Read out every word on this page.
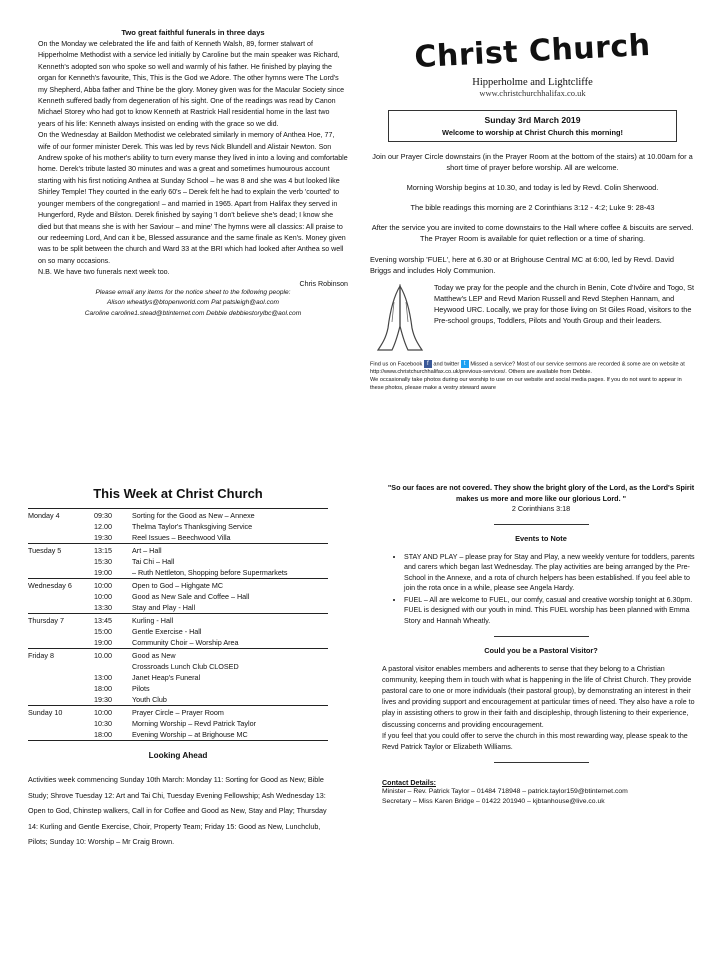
Two great faithful funerals in three days

On the Monday we celebrated the life and faith of Kenneth Walsh, 89, former stalwart of Hipperholme Methodist with a service led initially by Caroline but the main speaker was Richard, Kenneth's adopted son who spoke so well and warmly of his father. He finished by playing the organ for Kenneth's favourite, This, This is the God we Adore. The other hymns were The Lord's my Shepherd, Abba father and Thine be the glory. Money given was for the Macular Society since Kenneth suffered badly from degeneration of his sight. One of the readings was read by Canon Michael Storey who had got to know Kenneth at Rastrick Hall residential home in the last two years of his life: Kenneth always insisted on ending with the grace so we did.

On the Wednesday at Baildon Methodist we celebrated similarly in memory of Anthea Hoe, 77, wife of our former minister Derek. This was led by revs Nick Blundell and Alistair Newton. Son Andrew spoke of his mother's ability to turn every manse they lived in into a loving and comfortable home. Derek's tribute lasted 30 minutes and was a great and sometimes humourous account starting with his first noticing Anthea at Sunday School – he was 8 and she was 4 but looked like Shirley Temple! They courted in the early 60's – Derek felt he had to explain the verb 'courted' to younger members of the congregation! – and married in 1965. Apart from Halifax they served in Hungerford, Ryde and Bilston. Derek finished by saying 'I don't believe she's dead; I know she died but that means she is with her Saviour – and mine' The hymns were all classics: All praise to our redeeming Lord, And can it be, Blessed assurance and the same finale as Ken's. Money given was to be split between the church and Ward 33 at the BRI which had looked after Anthea so well on so many occasions.

N.B. We have two funerals next week too.

Chris Robinson
Please email any items for the notice sheet to the following people:
Alison wheatlys@btopenworld.com Pat patsleigh@aol.com
Caroline caroline1.stead@btinternet.com Debbie debbiestorylbc@aol.com
Christ Church
Hipperholme and Lightcliffe
www.christchurchhalifax.co.uk
Sunday 3rd March 2019
Welcome to worship at Christ Church this morning!

Join our Prayer Circle downstairs (in the Prayer Room at the bottom of the stairs) at 10.00am for a short time of prayer before worship. All are welcome.

Morning Worship begins at 10.30, and today is led by Revd. Colin Sherwood.

The bible readings this morning are 2 Corinthians 3:12 - 4:2; Luke 9: 28-43

After the service you are invited to come downstairs to the Hall where coffee & biscuits are served. The Prayer Room is available for quiet reflection or a time of sharing.

Evening worship 'FUEL', here at 6.30 or at Brighouse Central MC at 6:00, led by Revd. David Briggs and includes Holy Communion.

Today we pray for the people and the church in Benin, Cote d'Ivôire and Togo, St Matthew's LEP and Revd Marion Russell and Revd Stephen Hannam, and Heywood URC. Locally, we pray for those living on St Giles Road, visitors to the Pre-school groups, Toddlers, Pilots and Youth Group and their leaders.

Find us on Facebook f and twitter t Missed a service? Most of our service sermons are recorded & some are on website at http://www.christchurchhalifax.co.uk/previous-services/. Others are available from Debbie.
We occasionally take photos during our worship to use on our website and social media pages. If you do not want to appear in these photos, please make a vestry steward aware
This Week at Christ Church
Monday 4	09:30	Sorting for the Good as New – Annexe
12.00	Thelma Taylor's Thanksgiving Service
19:30	Reel Issues – Beechwood Villa
Tuesday 5	13:15	Art – Hall
15:30	Tai Chi – Hall
19:00	– Ruth Nettleton, Shopping before Supermarkets
Wednesday 6	10:00	Open to God – Highgate MC
10:00	Good as New Sale and Coffee – Hall
13:30	Stay and Play - Hall
Thursday 7	13:45	Kurling - Hall
15:00	Gentle Exercise - Hall
19:00	Community Choir – Worship Area
Friday 8	10.00	Good as New
Crossroads Lunch Club CLOSED
13:00	Janet Heap's Funeral
18:00	Pilots
19:30	Youth Club
Sunday 10	10:00	Prayer Circle – Prayer Room
10:30	Morning Worship – Revd Patrick Taylor
18:00	Evening Worship – at Brighouse MC
Looking Ahead

Activities week commencing Sunday 10th March: Monday 11: Sorting for Good as New; Bible Study; Shrove Tuesday 12: Art and Tai Chi, Tuesday Evening Fellowship; Ash Wednesday 13: Open to God, Chinstep walkers, Call in for Coffee and Good as New, Stay and Play; Thursday 14: Kurling and Gentle Exercise, Choir, Property Team; Friday 15: Good as New, Lunchclub, Pilots; Sunday 10: Worship – Mr Craig Brown.

"So our faces are not covered. They show the bright glory of the Lord, as the Lord's Spirit makes us more and more like our glorious Lord. "
2 Corinthians 3:18
Events to Note
• STAY AND PLAY – please pray for Stay and Play, a new weekly venture for toddlers, parents and carers which began last Wednesday. The play activities are being arranged by the Pre-School in the Annexe, and a rota of church helpers has been established. If you feel able to join the rota once in a while, please see Angela Hardy.
• FUEL – All are welcome to FUEL, our comfy, casual and creative worship tonight at 6.30pm. FUEL is designed with our youth in mind. This FUEL worship has been planned with Emma Story and Hannah Wheatly.
Could you be a Pastoral Visitor?

A pastoral visitor enables members and adherents to sense that they belong to a Christian community, keeping them in touch with what is happening in the life of Christ Church. They provide pastoral care to one or more individuals (their pastoral group), by demonstrating an interest in their lives and providing support and encouragement at particular times of need. They also have a role to play in assisting others to grow in their faith and discipleship, through listening to their experience, discussing concerns and providing encouragement.

If you feel that you could offer to serve the church in this most rewarding way, please speak to the Revd Patrick Taylor or Elizabeth Williams.

Contact Details:
Minister – Rev. Patrick Taylor – 01484 718948 – patrick.taylor159@btinternet.com
Secretary – Miss Karen Bridge – 01422 201940 – kjbtanhouse@live.co.uk
